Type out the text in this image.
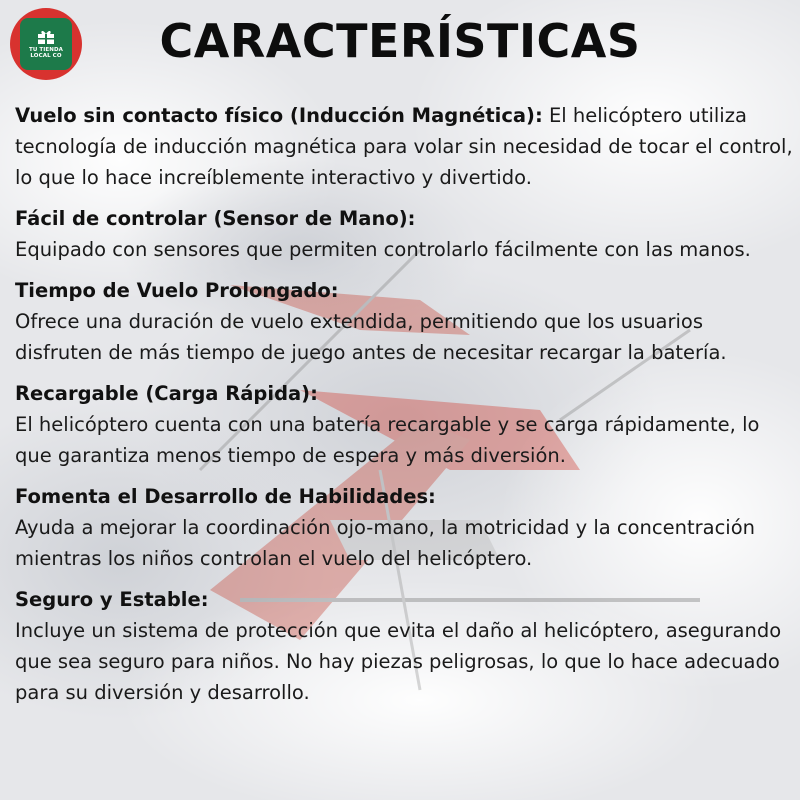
TU TIENDA
LOCAL CO	CARACTERÍSTICAS

Vuelo sin contacto físico (Inducción Magnética): El helicóptero utiliza tecnología de inducción magnética para volar sin necesidad de tocar el control, lo que lo hace increíblemente interactivo y divertido.

Fácil de controlar (Sensor de Mano):
Equipado con sensores que permiten controlarlo fácilmente con las manos.

Tiempo de Vuelo Prolongado:
Ofrece una duración de vuelo extendida, permitiendo que los usuarios disfruten de más tiempo de juego antes de necesitar recargar la batería.

Recargable (Carga Rápida):
El helicóptero cuenta con una batería recargable y se carga rápidamente, lo que garantiza menos tiempo de espera y más diversión.

Fomenta el Desarrollo de Habilidades:
Ayuda a mejorar la coordinación ojo-mano, la motricidad y la concentración mientras los niños controlan el vuelo del helicóptero.

Seguro y Estable:
Incluye un sistema de protección que evita el daño al helicóptero, asegurando que sea seguro para niños. No hay piezas peligrosas, lo que lo hace adecuado para su diversión y desarrollo.
